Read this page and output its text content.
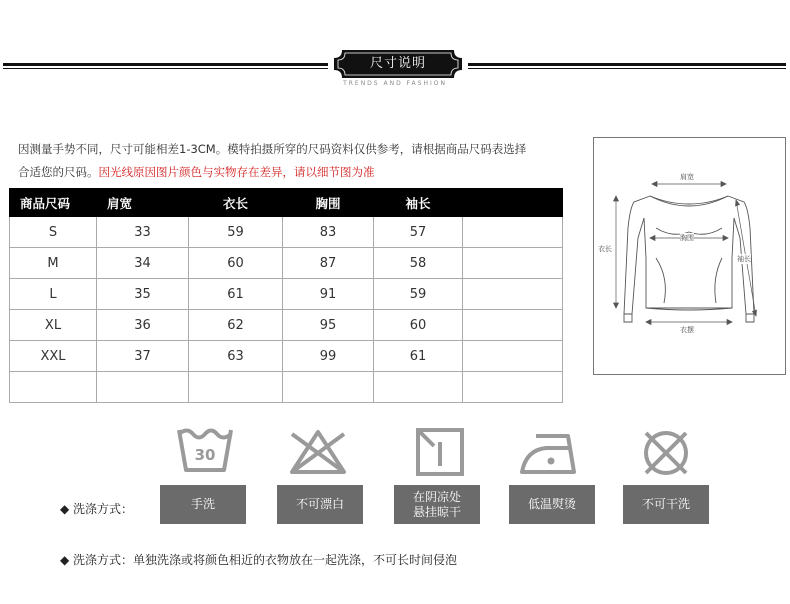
尺寸说明
TRENDS AND FASHION
因测量手势不同，尺寸可能相差1-3CM。模特拍摄所穿的尺码资料仅供参考，请根据商品尺码表选择
合适您的尺码。因光线原因图片颜色与实物存在差异，请以细节图为准
商品尺码	肩宽	衣长	胸围	袖长	
S	33	59	83	57	
M	34	60	87	58	
L	35	61	91	59	
XL	36	62	95	60	
XXL	37	63	99	61	

肩宽
胸围
衣长
袖长
衣摆
30
◆ 洗涤方式：	手洗	不可漂白
在阴凉处
悬挂晾干
低温熨烫	不可干洗
◆ 洗涤方式：单独洗涤或将颜色相近的衣物放在一起洗涤，不可长时间侵泡
